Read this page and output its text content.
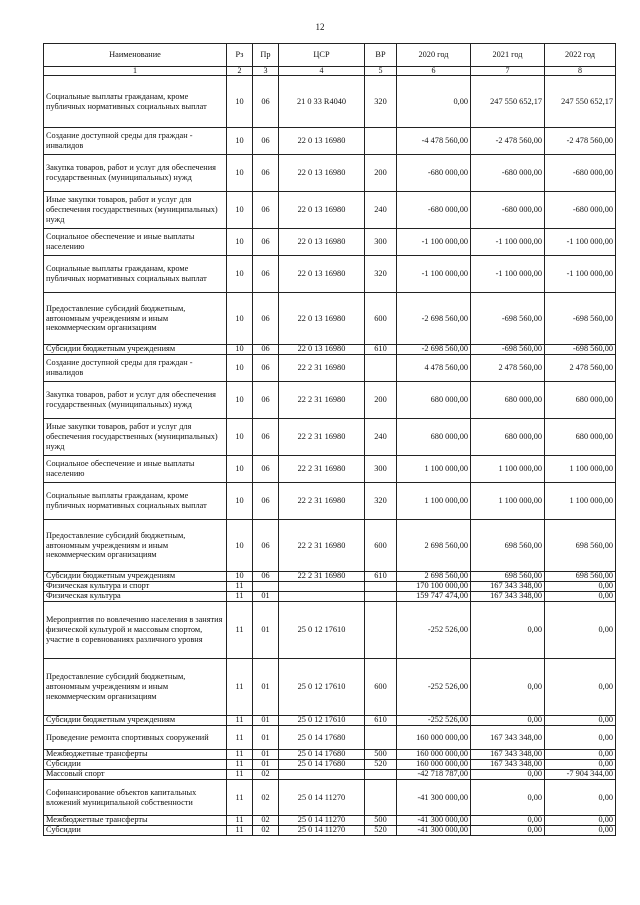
12
Наименование	Рз	Пр	ЦСР	ВР	2020 год	2021 год	2022 год
1	2	3	4	5	6	7	8
Социальные выплаты гражданам, кроме публичных нормативных социальных выплат	10	06	21 0 33 R4040	320	0,00	247 550 652,17	247 550 652,17
Создание доступной среды для граждан - инвалидов	10	06	22 0 13 16980		-4 478 560,00	-2 478 560,00	-2 478 560,00
Закупка товаров, работ и услуг для обеспечения государственных (муниципальных) нужд	10	06	22 0 13 16980	200	-680 000,00	-680 000,00	-680 000,00
Иные закупки товаров, работ и услуг для обеспечения государственных (муниципальных) нужд	10	06	22 0 13 16980	240	-680 000,00	-680 000,00	-680 000,00
Социальное обеспечение и иные выплаты населению	10	06	22 0 13 16980	300	-1 100 000,00	-1 100 000,00	-1 100 000,00
Социальные выплаты гражданам, кроме публичных нормативных социальных выплат	10	06	22 0 13 16980	320	-1 100 000,00	-1 100 000,00	-1 100 000,00
Предоставление субсидий бюджетным, автономным учреждениям и иным некоммерческим организациям	10	06	22 0 13 16980	600	-2 698 560,00	-698 560,00	-698 560,00
Субсидии бюджетным учреждениям	10	06	22 0 13 16980	610	-2 698 560,00	-698 560,00	-698 560,00
Создание доступной среды для граждан - инвалидов	10	06	22 2 31 16980		4 478 560,00	2 478 560,00	2 478 560,00
Закупка товаров, работ и услуг для обеспечения государственных (муниципальных) нужд	10	06	22 2 31 16980	200	680 000,00	680 000,00	680 000,00
Иные закупки товаров, работ и услуг для обеспечения государственных (муниципальных) нужд	10	06	22 2 31 16980	240	680 000,00	680 000,00	680 000,00
Социальное обеспечение и иные выплаты населению	10	06	22 2 31 16980	300	1 100 000,00	1 100 000,00	1 100 000,00
Социальные выплаты гражданам, кроме публичных нормативных социальных выплат	10	06	22 2 31 16980	320	1 100 000,00	1 100 000,00	1 100 000,00
Предоставление субсидий бюджетным, автономным учреждениям и иным некоммерческим организациям	10	06	22 2 31 16980	600	2 698 560,00	698 560,00	698 560,00
Субсидии бюджетным учреждениям	10	06	22 2 31 16980	610	2 698 560,00	698 560,00	698 560,00
Физическая культура и спорт	11				170 100 000,00	167 343 348,00	0,00
Физическая культура	11	01			159 747 474,00	167 343 348,00	0,00
Мероприятия по вовлечению населения в занятия физической культурой и массовым спортом, участие в соревнованиях различного уровня	11	01	25 0 12 17610		-252 526,00	0,00	0,00
Предоставление субсидий бюджетным, автономным учреждениям и иным некоммерческим организациям	11	01	25 0 12 17610	600	-252 526,00	0,00	0,00
Субсидии бюджетным учреждениям	11	01	25 0 12 17610	610	-252 526,00	0,00	0,00
Проведение ремонта спортивных сооружений	11	01	25 0 14 17680		160 000 000,00	167 343 348,00	0,00
Межбюджетные трансферты	11	01	25 0 14 17680	500	160 000 000,00	167 343 348,00	0,00
Субсидии	11	01	25 0 14 17680	520	160 000 000,00	167 343 348,00	0,00
Массовый спорт	11	02			-42 718 787,00	0,00	-7 904 344,00
Софинансирование объектов капитальных вложений муниципальной собственности	11	02	25 0 14 11270		-41 300 000,00	0,00	0,00
Межбюджетные трансферты	11	02	25 0 14 11270	500	-41 300 000,00	0,00	0,00
Субсидии	11	02	25 0 14 11270	520	-41 300 000,00	0,00	0,00
